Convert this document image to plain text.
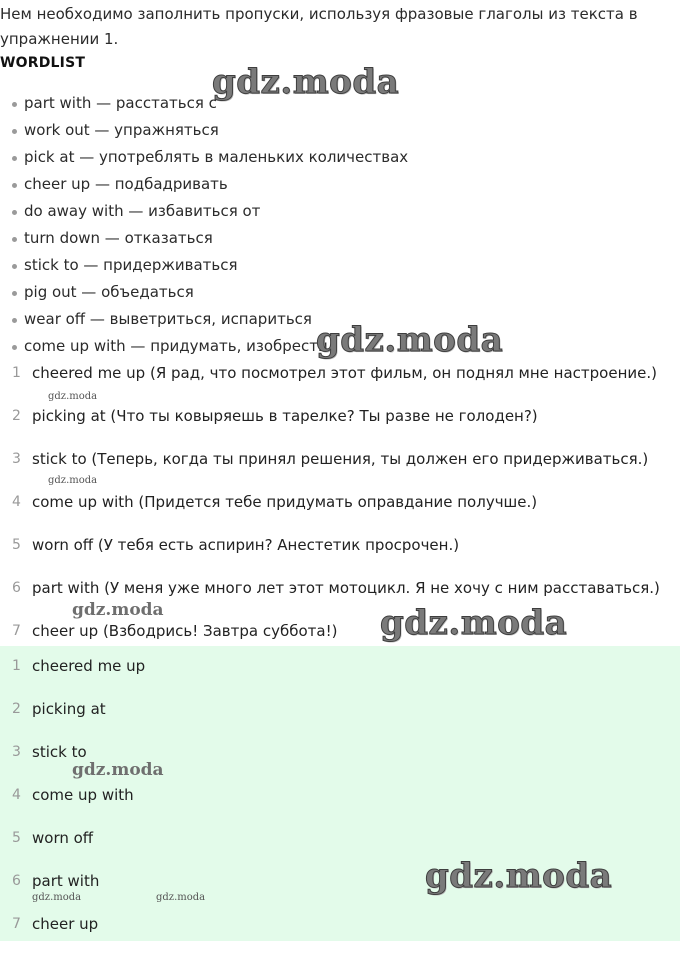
Нем необходимо заполнить пропуски, используя фразовые глаголы из текста в упражнении 1.
WORDLIST
part with — расстаться с
work out — упражняться
pick at — употреблять в маленьких количествах
cheer up — подбадривать
do away with — избавиться от
turn down — отказаться
stick to — придерживаться
pig out — объедаться
wear off — выветриться, испариться
come up with — придумать, изобрести
1 cheered me up (Я рад, что посмотрел этот фильм, он поднял мне настроение.)
2 picking at (Что ты ковыряешь в тарелке? Ты разве не голоден?)
3 stick to (Теперь, когда ты принял решения, ты должен его придерживаться.)
4 come up with (Придется тебе придумать оправдание получше.)
5 worn off (У тебя есть аспирин? Анестетик просрочен.)
6 part with (У меня уже много лет этот мотоцикл. Я не хочу с ним расставаться.)
7 cheer up (Взбодрись! Завтра суббота!)
1 cheered me up
2 picking at
3 stick to
4 come up with
5 worn off
6 part with
7 cheer up
gdz.moda
gdz.moda
gdz.moda
gdz.moda
gdz.moda	gdz.moda
gdz.moda
gdz.moda
gdz.moda	gdz.moda
